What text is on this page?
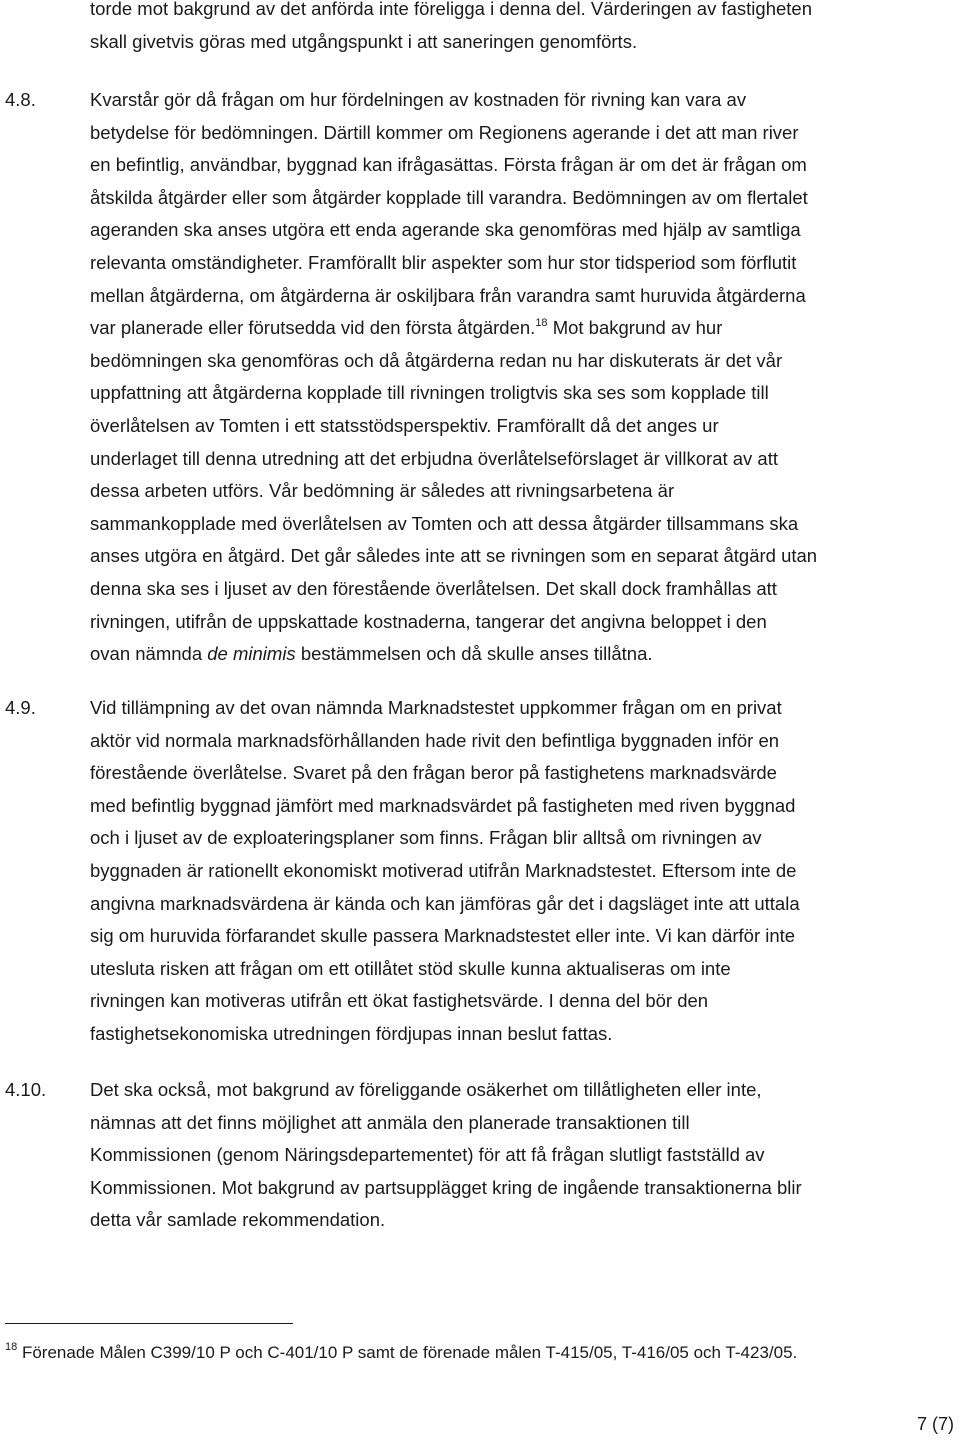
torde mot bakgrund av det anförda inte föreligga i denna del. Värderingen av fastigheten

skall givetvis göras med utgångspunkt i att saneringen genomförts.

4.8.	Kvarstår gör då frågan om hur fördelningen av kostnaden för rivning kan vara av

betydelse för bedömningen. Därtill kommer om Regionens agerande i det att man river

en befintlig, användbar, byggnad kan ifrågasättas. Första frågan är om det är frågan om

åtskilda åtgärder eller som åtgärder kopplade till varandra. Bedömningen av om flertalet

ageranden ska anses utgöra ett enda agerande ska genomföras med hjälp av samtliga

relevanta omständigheter. Framförallt blir aspekter som hur stor tidsperiod som förflutit

mellan åtgärderna, om åtgärderna är oskiljbara från varandra samt huruvida åtgärderna

var planerade eller förutsedda vid den första åtgärden.$^{18}$ Mot bakgrund av hur

bedömningen ska genomföras och då åtgärderna redan nu har diskuterats är det vår

uppfattning att åtgärderna kopplade till rivningen troligtvis ska ses som kopplade till

överlåtelsen av Tomten i ett statsstödsperspektiv. Framförallt då det anges ur

underlaget till denna utredning att det erbjudna överlåtelseförslaget är villkorat av att

dessa arbeten utförs. Vår bedömning är således att rivningsarbetena är

sammankopplade med överlåtelsen av Tomten och att dessa åtgärder tillsammans ska

anses utgöra en åtgärd. Det går således inte att se rivningen som en separat åtgärd utan

denna ska ses i ljuset av den förestående överlåtelsen. Det skall dock framhållas att

rivningen, utifrån de uppskattade kostnaderna, tangerar det angivna beloppet i den

ovan nämnda de minimis bestämmelsen och då skulle anses tillåtna.

4.9.	Vid tillämpning av det ovan nämnda Marknadstestet uppkommer frågan om en privat

aktör vid normala marknadsförhållanden hade rivit den befintliga byggnaden inför en

förestående överlåtelse. Svaret på den frågan beror på fastighetens marknadsvärde

med befintlig byggnad jämfört med marknadsvärdet på fastigheten med riven byggnad

och i ljuset av de exploateringsplaner som finns. Frågan blir alltså om rivningen av

byggnaden är rationellt ekonomiskt motiverad utifrån Marknadstestet. Eftersom inte de

angivna marknadsvärdena är kända och kan jämföras går det i dagsläget inte att uttala

sig om huruvida förfarandet skulle passera Marknadstestet eller inte. Vi kan därför inte

utesluta risken att frågan om ett otillåtet stöd skulle kunna aktualiseras om inte

rivningen kan motiveras utifrån ett ökat fastighetsvärde. I denna del bör den

fastighetsekonomiska utredningen fördjupas innan beslut fattas.

4.10. Det ska också, mot bakgrund av föreliggande osäkerhet om tillåtligheten eller inte,

nämnas att det finns möjlighet att anmäla den planerade transaktionen till

Kommissionen (genom Näringsdepartementet) för att få frågan slutligt fastställd av

Kommissionen. Mot bakgrund av partsupplägget kring de ingående transaktionerna blir

detta vår samlade rekommendation.

$^{18}$ Förenade Målen C399/10 P och C-401/10 P samt de förenade målen T-415/05, T-416/05 och T-423/05.
7 (7)
